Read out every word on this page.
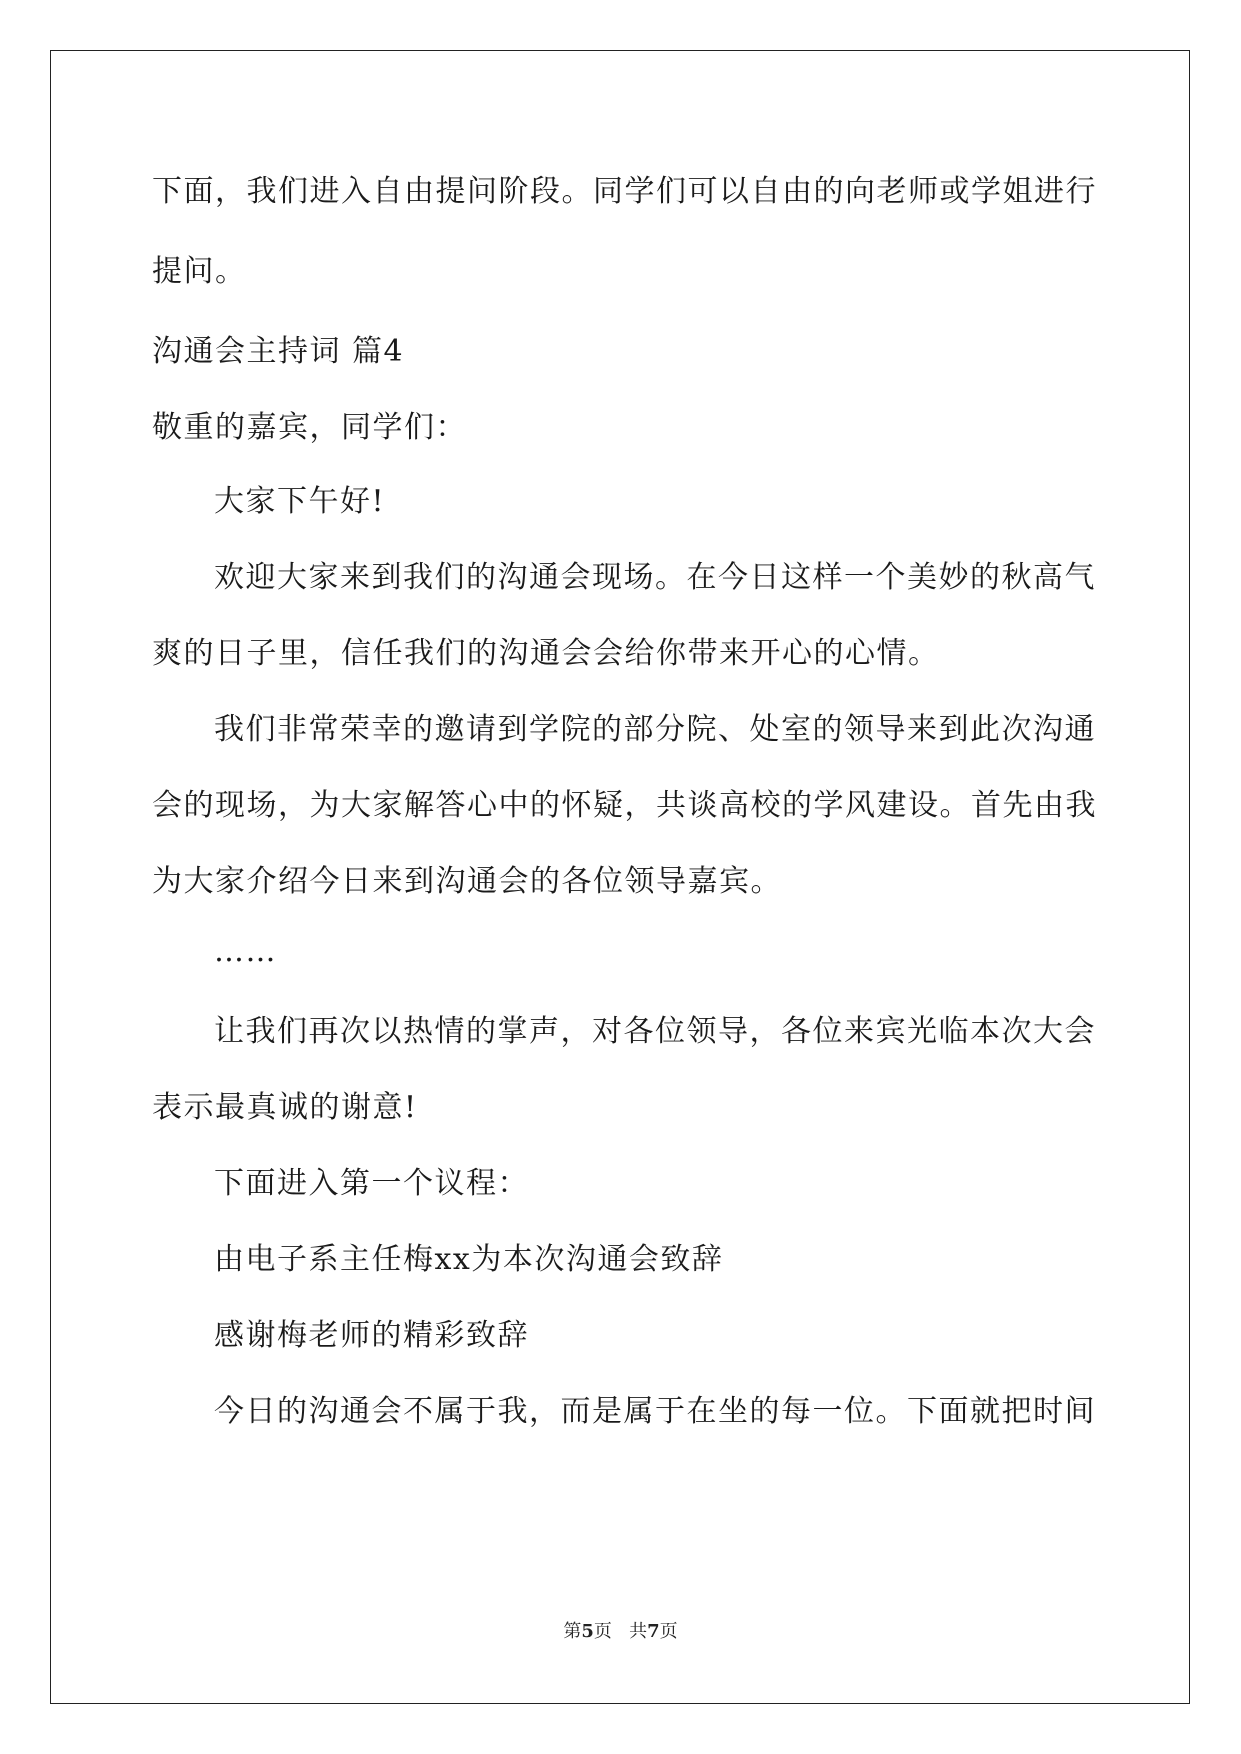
下面，我们进入自由提问阶段。同学们可以自由的向老师或学姐进行
提问。
沟通会主持词 篇4
敬重的嘉宾，同学们：
大家下午好!
欢迎大家来到我们的沟通会现场。在今日这样一个美妙的秋高气
爽的日子里，信任我们的沟通会会给你带来开心的心情。
我们非常荣幸的邀请到学院的部分院、处室的领导来到此次沟通
会的现场，为大家解答心中的怀疑，共谈高校的学风建设。首先由我
为大家介绍今日来到沟通会的各位领导嘉宾。
……
让我们再次以热情的掌声，对各位领导，各位来宾光临本次大会
表示最真诚的谢意!
下面进入第一个议程：
由电子系主任梅xx为本次沟通会致辞
感谢梅老师的精彩致辞
今日的沟通会不属于我，而是属于在坐的每一位。下面就把时间
第5页 共7页
